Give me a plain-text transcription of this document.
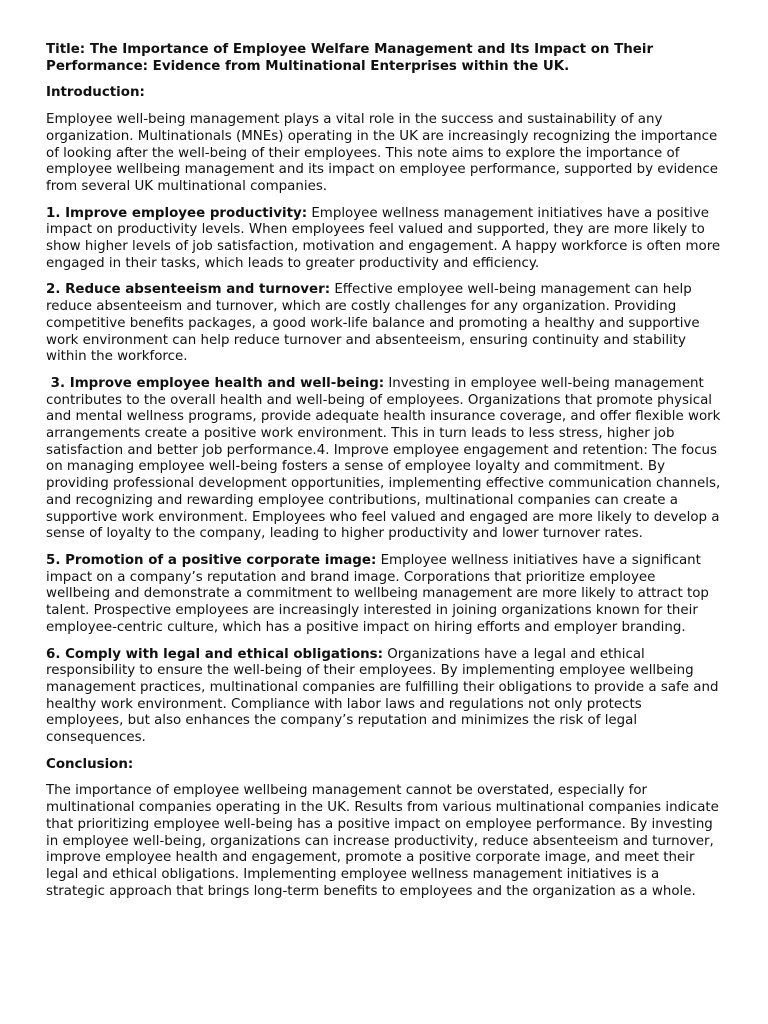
Title: The Importance of Employee Welfare Management and Its Impact on Their Performance: Evidence from Multinational Enterprises within the UK.

Introduction:

Employee well-being management plays a vital role in the success and sustainability of any organization. Multinationals (MNEs) operating in the UK are increasingly recognizing the importance of looking after the well-being of their employees. This note aims to explore the importance of employee wellbeing management and its impact on employee performance, supported by evidence from several UK multinational companies.

1. Improve employee productivity: Employee wellness management initiatives have a positive impact on productivity levels. When employees feel valued and supported, they are more likely to show higher levels of job satisfaction, motivation and engagement. A happy workforce is often more engaged in their tasks, which leads to greater productivity and efficiency.

2. Reduce absenteeism and turnover: Effective employee well-being management can help reduce absenteeism and turnover, which are costly challenges for any organization. Providing competitive benefits packages, a good work-life balance and promoting a healthy and supportive work environment can help reduce turnover and absenteeism, ensuring continuity and stability within the workforce.

3. Improve employee health and well-being: Investing in employee well-being management contributes to the overall health and well-being of employees. Organizations that promote physical and mental wellness programs, provide adequate health insurance coverage, and offer flexible work arrangements create a positive work environment. This in turn leads to less stress, higher job satisfaction and better job performance.4. Improve employee engagement and retention: The focus on managing employee well-being fosters a sense of employee loyalty and commitment. By providing professional development opportunities, implementing effective communication channels, and recognizing and rewarding employee contributions, multinational companies can create a supportive work environment. Employees who feel valued and engaged are more likely to develop a sense of loyalty to the company, leading to higher productivity and lower turnover rates.

5. Promotion of a positive corporate image: Employee wellness initiatives have a significant impact on a company’s reputation and brand image. Corporations that prioritize employee wellbeing and demonstrate a commitment to wellbeing management are more likely to attract top talent. Prospective employees are increasingly interested in joining organizations known for their employee-centric culture, which has a positive impact on hiring efforts and employer branding.

6. Comply with legal and ethical obligations: Organizations have a legal and ethical responsibility to ensure the well-being of their employees. By implementing employee wellbeing management practices, multinational companies are fulfilling their obligations to provide a safe and healthy work environment. Compliance with labor laws and regulations not only protects employees, but also enhances the company’s reputation and minimizes the risk of legal consequences.

Conclusion:

The importance of employee wellbeing management cannot be overstated, especially for multinational companies operating in the UK. Results from various multinational companies indicate that prioritizing employee well-being has a positive impact on employee performance. By investing in employee well-being, organizations can increase productivity, reduce absenteeism and turnover, improve employee health and engagement, promote a positive corporate image, and meet their legal and ethical obligations. Implementing employee wellness management initiatives is a strategic approach that brings long-term benefits to employees and the organization as a whole.
